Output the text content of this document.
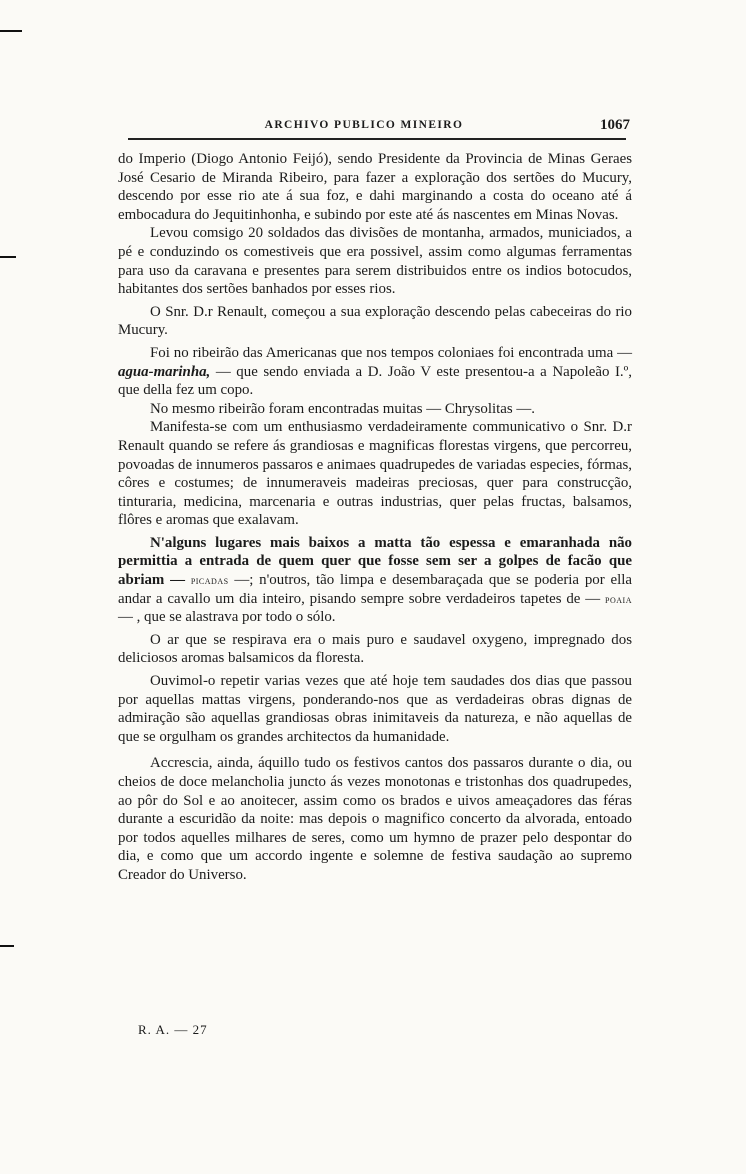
ARCHIVO PUBLICO MINEIRO	1067

do Imperio (Diogo Antonio Feijó), sendo Presidente da Provincia de Minas Geraes José Cesario de Miranda Ribeiro, para fazer a exploração dos sertões do Mucury, descendo por esse rio ate á sua foz, e dahi marginando a costa do oceano até á embocadura do Jequitinhonha, e subindo por este até ás nascentes em Minas Novas.

Levou comsigo 20 soldados das divisões de montanha, armados, municiados, a pé e conduzindo os comestiveis que era possivel, assim como algumas ferramentas para uso da caravana e presentes para serem distribuidos entre os indios botocudos, habitantes dos sertões banhados por esses rios.

O Snr. D.r Renault, começou a sua exploração descendo pelas cabeceiras do rio Mucury.

Foi no ribeirão das Americanas que nos tempos coloniaes foi encontrada uma — agua-marinha, — que sendo enviada a D. João V este presentou-a a Napoleão I.º, que della fez um copo.

No mesmo ribeirão foram encontradas muitas — Chrysolitas —.

Manifesta-se com um enthusiasmo verdadeiramente communicativo o Snr. D.r Renault quando se refere ás grandiosas e magnificas florestas virgens, que percorreu, povoadas de innumeros passaros e animaes quadrupedes de variadas especies, fórmas, côres e costumes; de innumeraveis madeiras preciosas, quer para construcção, tinturaria, medicina, marcenaria e outras industrias, quer pelas fructas, balsamos, flôres e aromas que exalavam.

N'alguns lugares mais baixos a matta tão espessa e emaranhada não permittia a entrada de quem quer que fosse sem ser a golpes de facão que abriam — picadas —; n'outros, tão limpa e desembaraçada que se poderia por ella andar a cavallo um dia inteiro, pisando sempre sobre verdadeiros tapetes de — poaia — , que se alastrava por todo o sólo.

O ar que se respirava era o mais puro e saudavel oxygeno, impregnado dos deliciosos aromas balsamicos da floresta.

Ouvimol-o repetir varias vezes que até hoje tem saudades dos dias que passou por aquellas mattas virgens, ponderando-nos que as verdadeiras obras dignas de admiração são aquellas grandiosas obras inimitaveis da natureza, e não aquellas de que se orgulham os grandes architectos da humanidade.

Accrescia, ainda, áquillo tudo os festivos cantos dos passaros durante o dia, ou cheios de doce melancholia juncto ás vezes monotonas e tristonhas dos quadrupedes, ao pôr do Sol e ao anoitecer, assim como os brados e uivos ameaçadores das féras durante a escuridão da noite: mas depois o magnifico concerto da alvorada, entoado por todos aquelles milhares de seres, como um hymno de prazer pelo despontar do dia, e como que um accordo ingente e solemne de festiva saudação ao supremo Creador do Universo.

R. A. — 27
